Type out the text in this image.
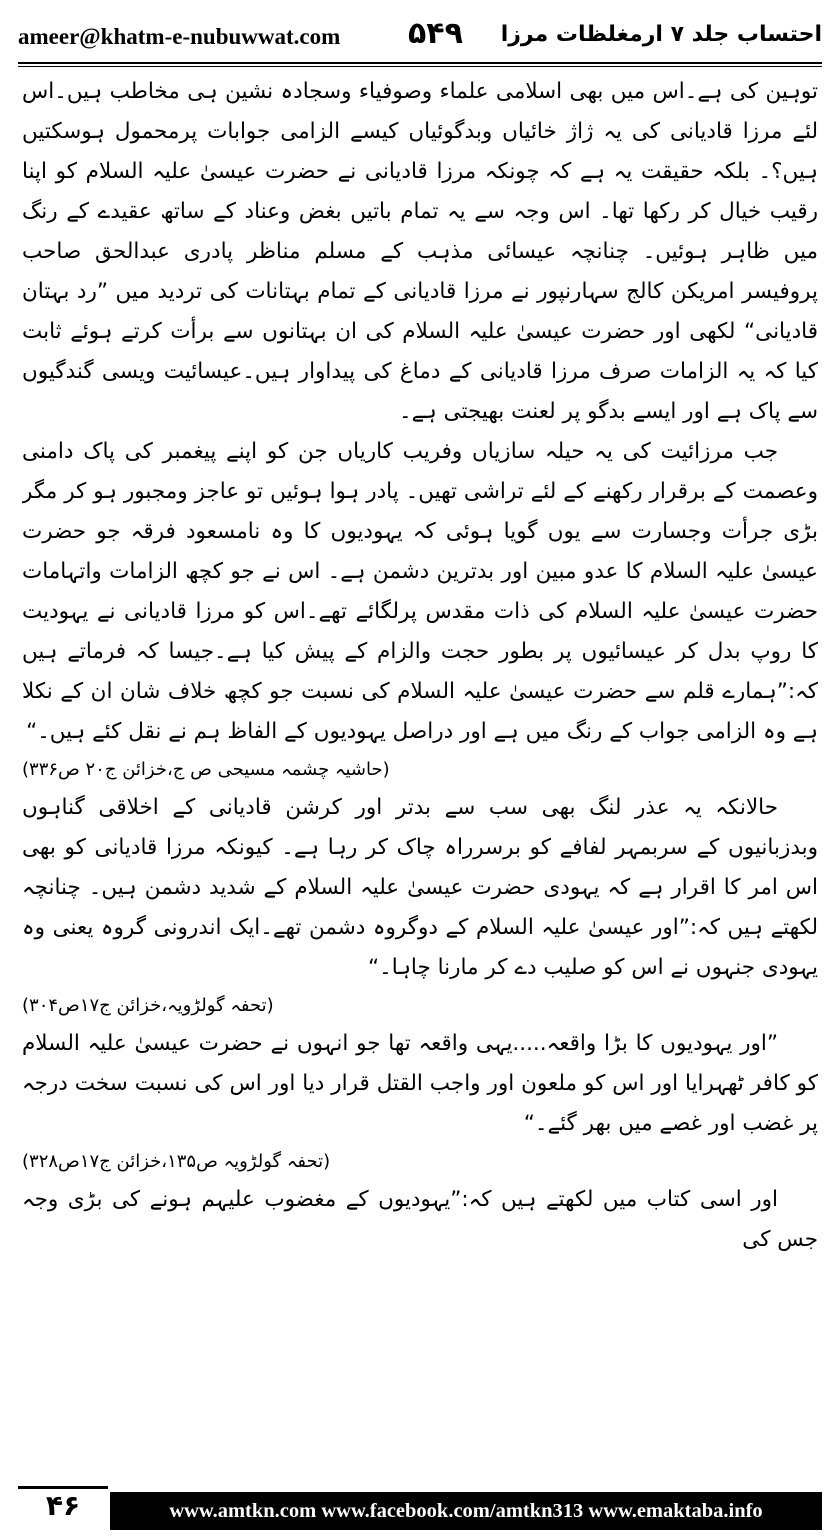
ameer@khatm-e-nubuwwat.com ۵۴۹ احتساب جلد ۷ ارمغلظات مرزا

توہین کی ہے۔اس میں بھی اسلامی علماء وصوفیاء وسجادہ نشین ہی مخاطب ہیں۔اس لئے مرزا قادیانی کی یہ ژاژ خائیاں وبدگوئیاں کیسے الزامی جوابات پرمحمول ہوسکتیں ہیں؟۔ بلکہ حقیقت یہ ہے کہ چونکہ مرزا قادیانی نے حضرت عیسیٰ علیہ السلام کو اپنا رقیب خیال کر رکھا تھا۔ اس وجہ سے یہ تمام باتیں بغض وعناد کے ساتھ عقیدے کے رنگ میں ظاہر ہوئیں۔ چنانچہ عیسائی مذہب کے مسلم مناظر پادری عبدالحق صاحب پروفیسر امریکن کالج سہارنپور نے مرزا قادیانی کے تمام بہتانات کی تردید میں ”رد بہتان قادیانی“ لکھی اور حضرت عیسیٰ علیہ السلام کی ان بہتانوں سے برأت کرتے ہوئے ثابت کیا کہ یہ الزامات صرف مرزا قادیانی کے دماغ کی پیداوار ہیں۔عیسائیت ویسی گندگیوں سے پاک ہے اور ایسے بدگو پر لعنت بھیجتی ہے۔

جب مرزائیت کی یہ حیلہ سازیاں وفریب کاریاں جن کو اپنے پیغمبر کی پاک دامنی وعصمت کے برقرار رکھنے کے لئے تراشی تھیں۔ پادر ہوا ہوئیں تو عاجز ومجبور ہو کر مگر بڑی جرأت وجسارت سے یوں گویا ہوئی کہ یہودیوں کا وہ نامسعود فرقہ جو حضرت عیسیٰ علیہ السلام کا عدو مبین اور بدترین دشمن ہے۔ اس نے جو کچھ الزامات واتہامات حضرت عیسیٰ علیہ السلام کی ذات مقدس پرلگائے تھے۔اس کو مرزا قادیانی نے یہودیت کا روپ بدل کر عیسائیوں پر بطور حجت والزام کے پیش کیا ہے۔جیسا کہ فرماتے ہیں کہ:”ہمارے قلم سے حضرت عیسیٰ علیہ السلام کی نسبت جو کچھ خلاف شان ان کے نکلا ہے وہ الزامی جواب کے رنگ میں ہے اور دراصل یہودیوں کے الفاظ ہم نے نقل کئے ہیں۔“

(حاشیہ چشمہ مسیحی ص ج،خزائن ج۲۰ ص۳۳۶)

حالانکہ یہ عذر لنگ بھی سب سے بدتر اور کرشن قادیانی کے اخلاقی گناہوں وبدزبانیوں کے سربمہر لفافے کو برسرراہ چاک کر رہا ہے۔ کیونکہ مرزا قادیانی کو بھی اس امر کا اقرار ہے کہ یہودی حضرت عیسیٰ علیہ السلام کے شدید دشمن ہیں۔ چنانچہ لکھتے ہیں کہ:”اور عیسیٰ علیہ السلام کے دوگروہ دشمن تھے۔ایک اندرونی گروہ یعنی وہ یہودی جنہوں نے اس کو صلیب دے کر مارنا چاہا۔“

(تحفہ گولڑویہ،خزائن ج۱۷ص۳۰۴)

”اور یہودیوں کا بڑا واقعہ.....یہی واقعہ تھا جو انہوں نے حضرت عیسیٰ علیہ السلام کو کافر ٹھہرایا اور اس کو ملعون اور واجب القتل قرار دیا اور اس کی نسبت سخت درجہ پر غضب اور غصے میں بھر گئے۔“

(تحفہ گولڑویہ ص۱۳۵،خزائن ج۱۷ص۳۲۸)

اور اسی کتاب میں لکھتے ہیں کہ:”یہودیوں کے مغضوب علیہم ہونے کی بڑی وجہ جس کی

۴۶	www.amtkn.com www.facebook.com/amtkn313 www.emaktaba.info
